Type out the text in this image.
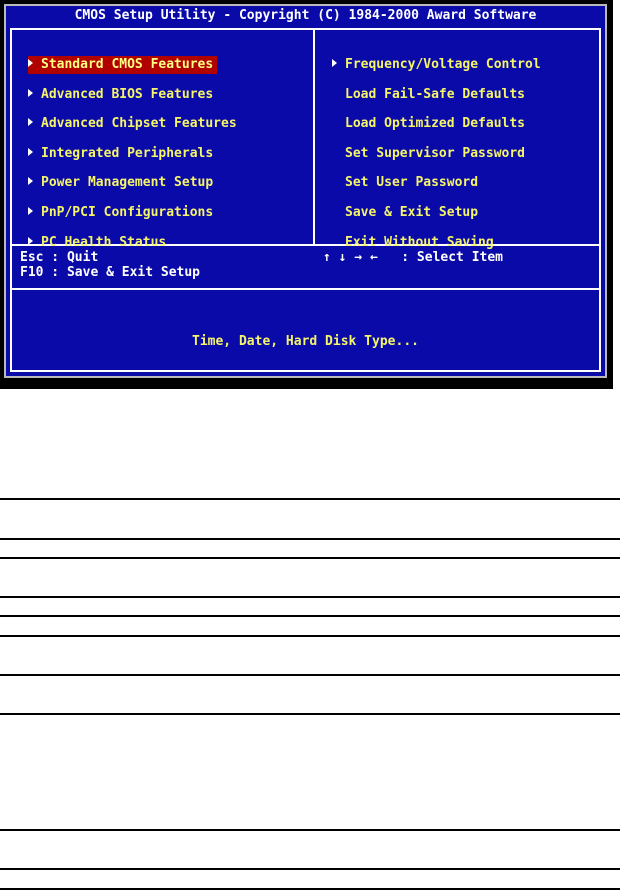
CMOS Setup Utility - Copyright (C) 1984-2000 Award Software
Standard CMOS Features
Advanced BIOS Features
Advanced Chipset Features
Integrated Peripherals
Power Management Setup
PnP/PCI Configurations
PC Health Status
Frequency/Voltage Control
Load Fail-Safe Defaults
Load Optimized Defaults
Set Supervisor Password
Set User Password
Save & Exit Setup
Exit Without Saving
Esc : Quit
F10 : Save & Exit Setup
↑ ↓ → ←   : Select Item
Time, Date, Hard Disk Type...
